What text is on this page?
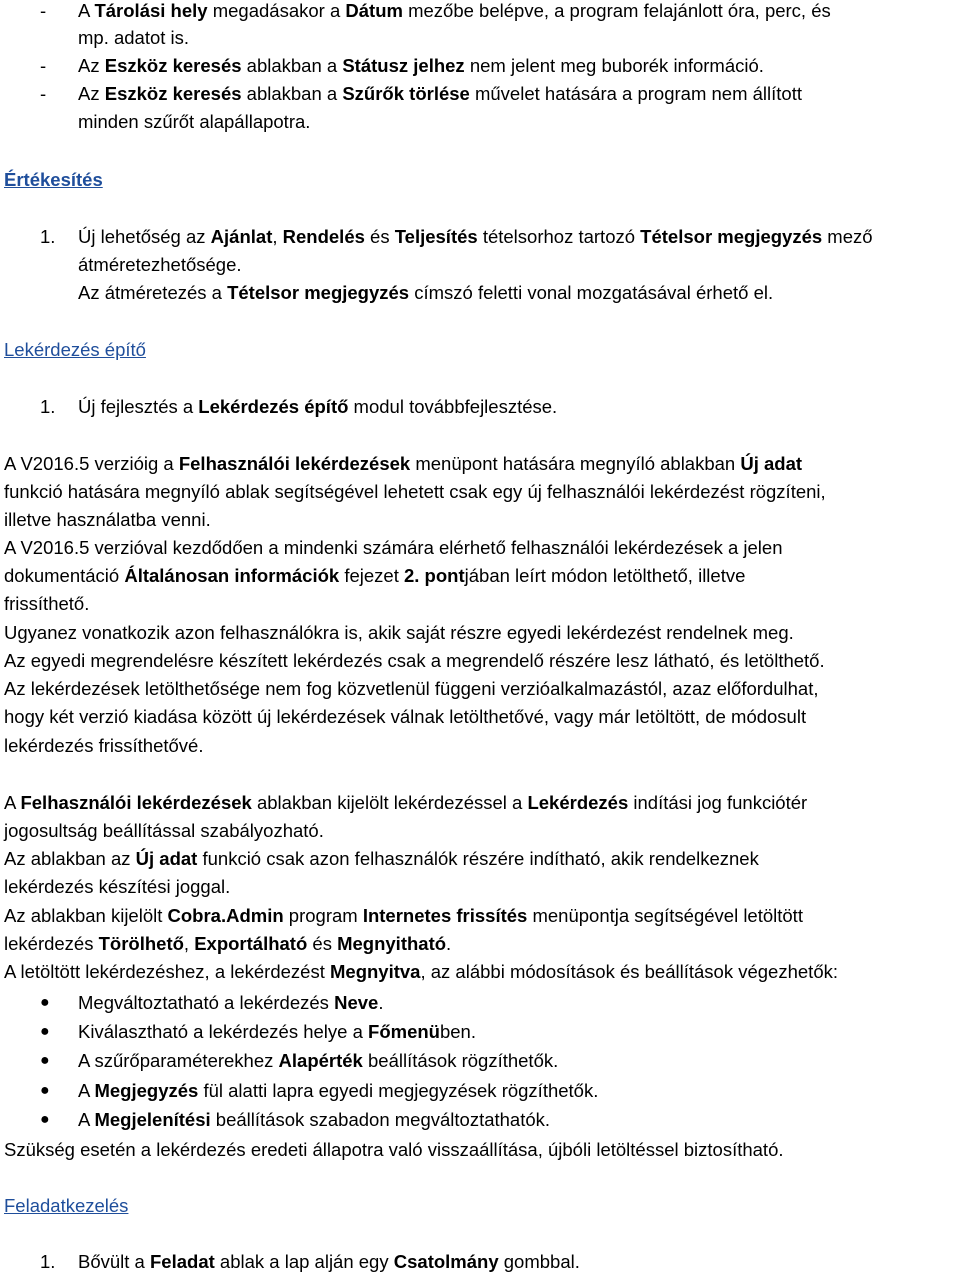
- A Tárolási hely megadásakor a Dátum mezőbe belépve, a program felajánlott óra, perc, és
mp. adatot is.
- Az Eszköz keresés ablakban a Státusz jelhez nem jelent meg buborék információ.
- Az Eszköz keresés ablakban a Szűrők törlése művelet hatására a program nem állított
minden szűrőt alapállapotra.
Értékesítés
1. Új lehetőség az Ajánlat, Rendelés és Teljesítés tételsorhoz tartozó Tételsor megjegyzés mező
átméretezhetősége.
Az átméretezés a Tételsor megjegyzés címszó feletti vonal mozgatásával érhető el.
Lekérdezés építő
1. Új fejlesztés a Lekérdezés építő modul továbbfejlesztése.
A V2016.5 verzióig a Felhasználói lekérdezések menüpont hatására megnyíló ablakban Új adat
funkció hatására megnyíló ablak segítségével lehetett csak egy új felhasználói lekérdezést rögzíteni,
illetve használatba venni.
A V2016.5 verzióval kezdődően a mindenki számára elérhető felhasználói lekérdezések a jelen
dokumentáció Általánosan információk fejezet 2. pontjában leírt módon letölthető, illetve
frissíthető.
Ugyanez vonatkozik azon felhasználókra is, akik saját részre egyedi lekérdezést rendelnek meg.
Az egyedi megrendelésre készített lekérdezés csak a megrendelő részére lesz látható, és letölthető.
Az lekérdezések letölthetősége nem fog közvetlenül függeni verzióalkalmazástól, azaz előfordulhat,
hogy két verzió kiadása között új lekérdezések válnak letölthetővé, vagy már letöltött, de módosult
lekérdezés frissíthetővé.
A Felhasználói lekérdezések ablakban kijelölt lekérdezéssel a Lekérdezés indítási jog funkciótér
jogosultság beállítással szabályozható.
Az ablakban az Új adat funkció csak azon felhasználók részére indítható, akik rendelkeznek
lekérdezés készítési joggal.
Az ablakban kijelölt Cobra.Admin program Internetes frissítés menüpontja segítségével letöltött
lekérdezés Törölhető, Exportálható és Megnyitható.
A letöltött lekérdezéshez, a lekérdezést Megnyitva, az alábbi módosítások és beállítások végezhetők:
● Megváltoztatható a lekérdezés Neve.
● Kiválasztható a lekérdezés helye a Főmenüben.
● A szűrőparaméterekhez Alapérték beállítások rögzíthetők.
● A Megjegyzés fül alatti lapra egyedi megjegyzések rögzíthetők.
● A Megjelenítési beállítások szabadon megváltoztathatók.
Szükség esetén a lekérdezés eredeti állapotra való visszaállítása, újbóli letöltéssel biztosítható.
Feladatkezelés
1. Bővült a Feladat ablak a lap alján egy Csatolmány gombbal.
